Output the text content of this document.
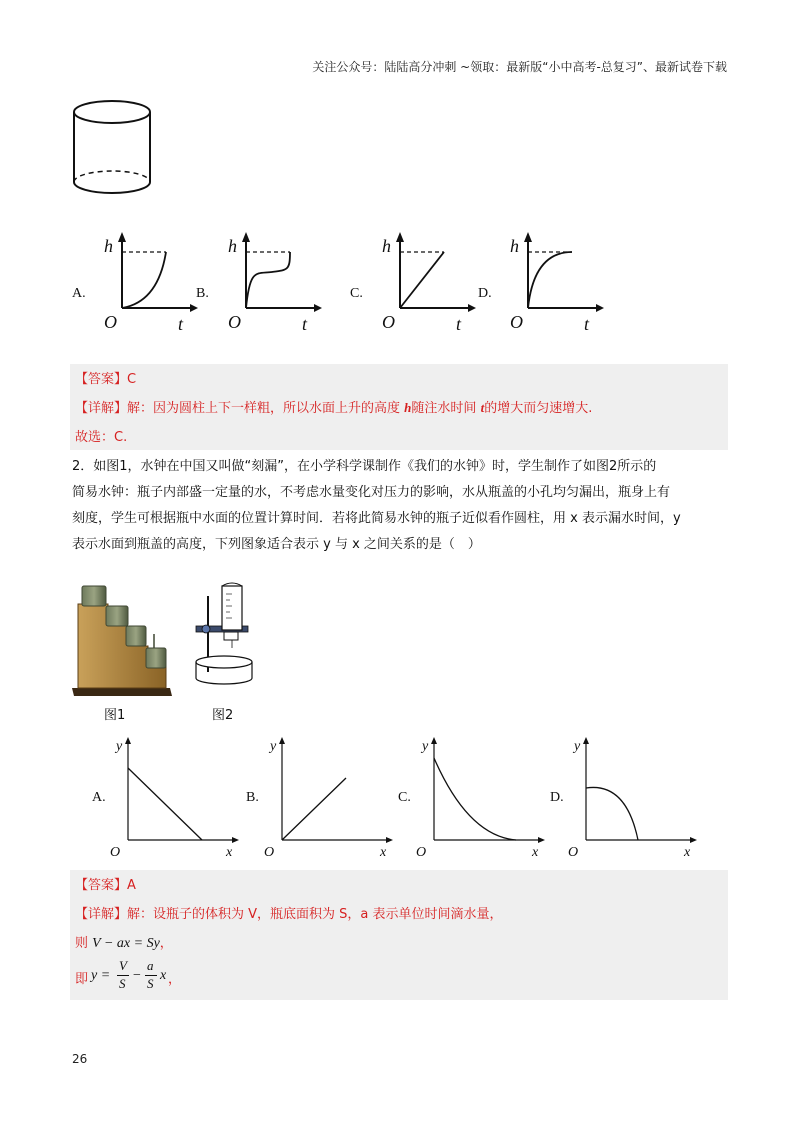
关注公众号：陆陆高分冲刺 ~领取：最新版“小中高考-总复习”、最新试卷下载
A.
h
O	t
B.
h
O	t
C.
h
O	t
D.
h
O	t
【答案】C
【详解】解：因为圆柱上下一样粗，所以水面上升的高度 h随注水时间 t的增大而匀速增大.
故选：C.
2．如图1，水钟在中国又叫做“刻漏”，在小学科学课制作《我们的水钟》时，学生制作了如图2所示的
简易水钟：瓶子内部盛一定量的水，不考虑水量变化对压力的影响，水从瓶盖的小孔均匀漏出，瓶身上有
刻度，学生可根据瓶中水面的位置计算时间．若将此简易水钟的瓶子近似看作圆柱，用 x 表示漏水时间，y
表示水面到瓶盖的高度，下列图象适合表示 y 与 x 之间关系的是（　）
图1	图2
A.
y
O	x
B.
y
O	x
C.
y
O	x
D.
y
O	x
【答案】A
【详解】解：设瓶子的体积为 V，瓶底面积为 S，a 表示单位时间滴水量，
则 V − ax = Sy，
即 y =
V
S
−
a
S
x ，
26
